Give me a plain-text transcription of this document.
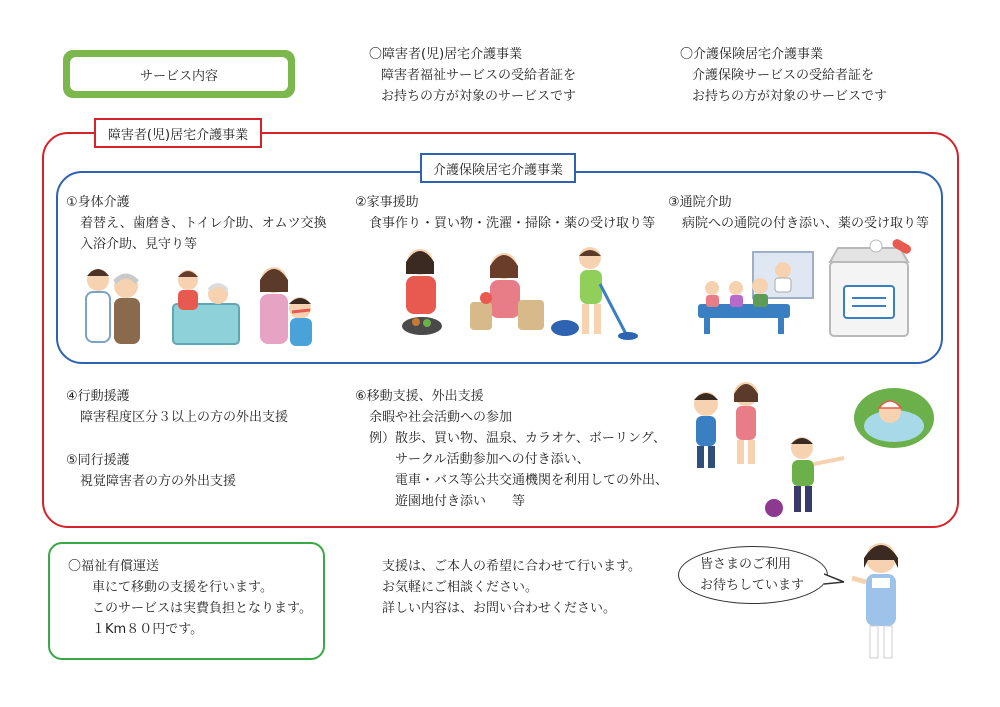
サービス内容
〇障害者(児)居宅介護事業
障害者福祉サービスの受給者証を
お持ちの方が対象のサービスです
〇介護保険居宅介護事業
介護保険サービスの受給者証を
お持ちの方が対象のサービスです
障害者(児)居宅介護事業
介護保険居宅介護事業
①身体介護
着替え、歯磨き、トイレ介助、オムツ交換
入浴介助、見守り等
②家事援助
食事作り・買い物・洗濯・掃除・薬の受け取り等
③通院介助
病院への通院の付き添い、薬の受け取り等
④行動援護
障害程度区分３以上の方の外出支援
⑤同行援護
視覚障害者の方の外出支援
⑥移動支援、外出支援
余暇や社会活動への参加
例）散歩、買い物、温泉、カラオケ、ボーリング、
サークル活動参加への付き添い、
電車・バス等公共交通機関を利用しての外出、
遊園地付き添い　　等
〇福祉有償運送
車にて移動の支援を行います。
このサービスは実費負担となります。
１Km８０円です。
支援は、ご本人の希望に合わせて行います。
お気軽にご相談ください。
詳しい内容は、お問い合わせください。
皆さまのご利用
お待ちしています
